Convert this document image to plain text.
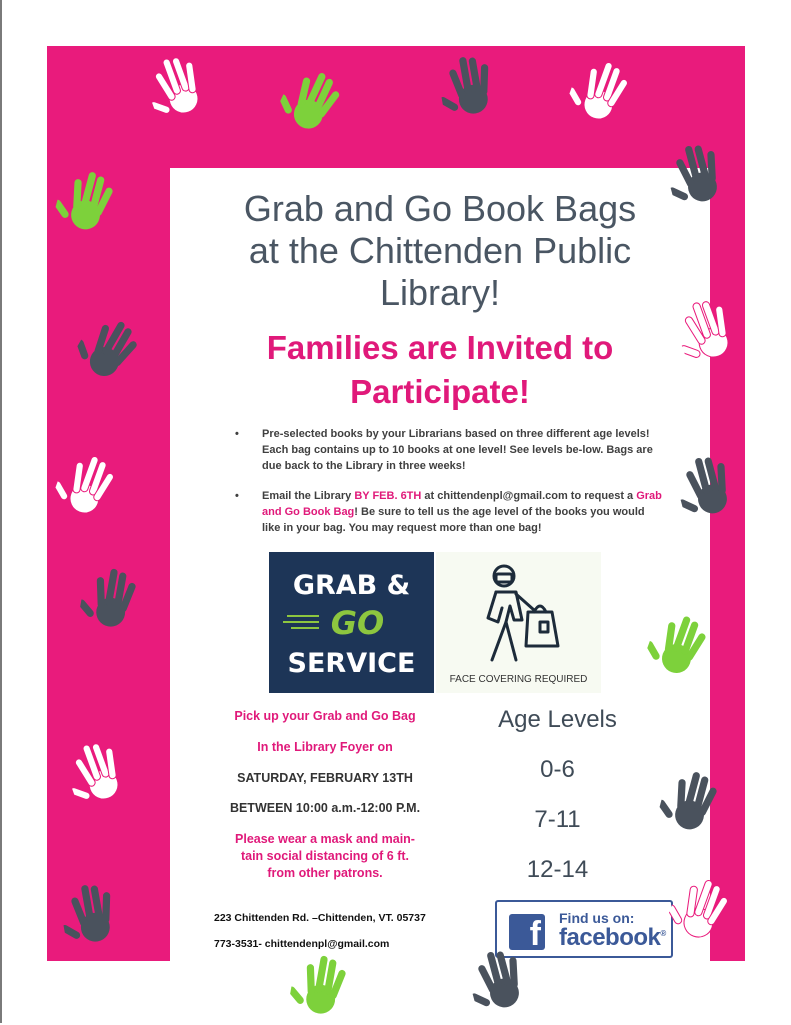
Grab and Go Book Bags
at the Chittenden Public
Library!
Families are Invited to
Participate!
• Pre-selected books by your Librarians based on three different age levels! Each bag contains up to 10 books at one level! See levels be-low. Bags are due back to the Library in three weeks!
• Email the Library BY FEB. 6TH at chittendenpl@gmail.com to request a Grab and Go Book Bag! Be sure to tell us the age level of the books you would like in your bag. You may request more than one bag!
GRAB &
GO
SERVICE
FACE COVERING REQUIRED
Pick up your Grab and Go Bag
In the Library Foyer on
SATURDAY, FEBRUARY 13TH
BETWEEN 10:00 a.m.-12:00 P.M.
Please wear a mask and main-
tain social distancing of 6 ft.
from other patrons.
Age Levels
0-6
7-11
12-14
223 Chittenden Rd. –Chittenden, VT. 05737
773-3531- chittendenpl@gmail.com	f Find us on:
facebook®
